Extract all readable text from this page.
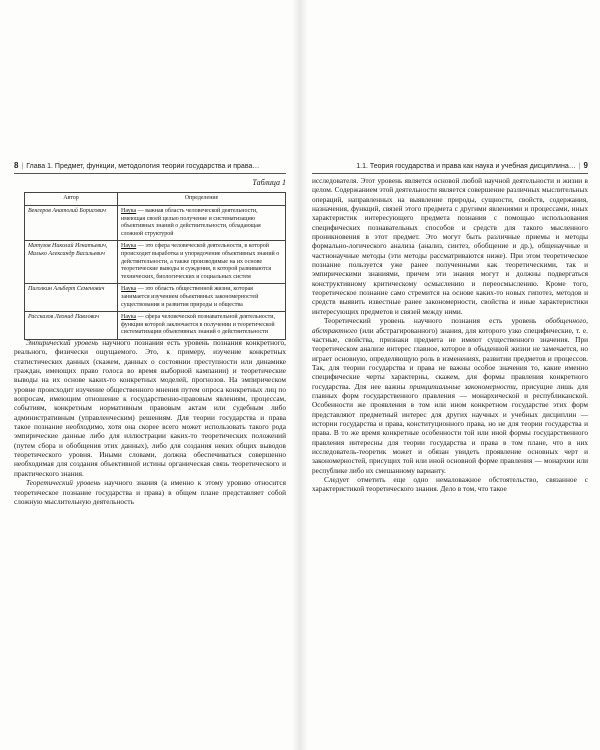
8 | Глава 1. Предмет, функции, методология теории государства и права…
Таблица 1
Автор	Определение
Венгеров Анатолий Борисович	Наука — важная область человеческой деятельности, имеющая своей целью получение и систематизацию объективных знаний о действительности, обладающая сложной структурой
Матузов Николай Игнатьевич, Малько Александр Васильевич	Наука — это сфера человеческой деятельности, в которой происходит выработка и упорядочение объективных знаний о действительности, а также производимые на их основе теоретические выводы и суждения, в которой развиваются технических, биологических и социальных систем
Пиголкин Альберт Семенович	Наука — это область общественной жизни, которая занимается изучением объективных закономерностей существования и развития природы и общества
Рассказов Леонид Павлович	Наука — сфера человеческой познавательной деятельности, функция которой заключается в получении и теоретической систематизации объективных знаний о действительности

Эмпирический уровень научного познания есть уровень познания конкретного, реального, физически ощущаемого. Это, к примеру, изучение конкретных статистических данных (скажем, данных о состоянии преступности или динамике граждан, имеющих право голоса во время выборной кампании) и теоретические выводы на их основе каких-то конкретных моделей, прогнозов. На эмпирическом уровне происходит изучение общественного мнения путем опроса конкретных лиц по вопросам, имеющим отношение к государственно-правовым явлениям, процессам, событиям, конкретным нормативным правовым актам или судебным либо административным (управленческим) решениям. Для теории государства и права такое познание необходимо, хотя она скорее всего может использовать такого рода эмпирические данные либо для иллюстрации каких-то теоретических положений (путем сбора и обобщения этих данных), либо для создания неких общих выводов теоретического уровня. Иными словами, должна обеспечиваться совершенно необходимая для создания объективной истины органическая связь теоретического и практического знания.

Теоретический уровень научного знания (а именно к этому уровню относится теоретическое познание государства и права) в общем плане представляет собой сложную мыслительную деятельность

1.1. Теория государства и права как наука и учебная дисциплина… | 9

исследователя. Этот уровень является основой любой научной деятельности и жизни в целом. Содержанием этой деятельности является совершение различных мыслительных операций, направленных на выявление природы, сущности, свойств, содержания, назначения, функций, связей этого предмета с другими явлениями и процессами, иных характеристик интересующего предмета познания с помощью использования специфических познавательных способов и средств для такого мысленного проникновения в этот предмет. Это могут быть различные приемы и методы формально-логического анализа (анализ, синтез, обобщение и др.), общенаучные и частнонаучные методы (эти методы рассматриваются ниже). При этом теоретическое познание пользуется уже ранее полученными как теоретическими, так и эмпирическими знаниями, причем эти знания могут и должны подвергаться конструктивному критическому осмыслению и переосмыслению. Кроме того, теоретическое познание само стремится на основе каких-то новых гипотез, методов и средств выявить известные ранее закономерности, свойства и иные характеристики интересующих предметов и связей между ними.

Теоретический уровень научного познания есть уровень обобщенного, абстрактного (или абстрагированного) знания, для которого узко специфические, т. е. частные, свойства, признаки предмета не имеют существенного значения. При теоретическом анализе интерес главное, которое в обыденной жизни не замечается, но играет основную, определяющую роль в изменениях, развитии предметов и процессов. Так, для теории государства и права не важны особое значения то, какие именно специфические черты характерны, скажем, для формы правления конкретного государства. Для нее важны принципиальные закономерности, присущие лишь для главных форм государственного правления — монархической и республиканской. Особенности же проявления в том или ином конкретном государстве этих форм представляют предметный интерес для других научных и учебных дисциплин — истории государства и права, конституционного права, но не для теории государства и права. В то же время конкретные особенности той или иной формы государственного правления интересны для теории государства и права в том плане, что в них исследователь-теоретик может и обязан увидеть проявление основных черт и закономерностей, присущих той или иной основной форме правления — монархии или республике либо их смешанному варианту.

Следует отметить еще одно немаловажное обстоятельство, связанное с характеристикой теоретического знания. Дело в том, что такое
